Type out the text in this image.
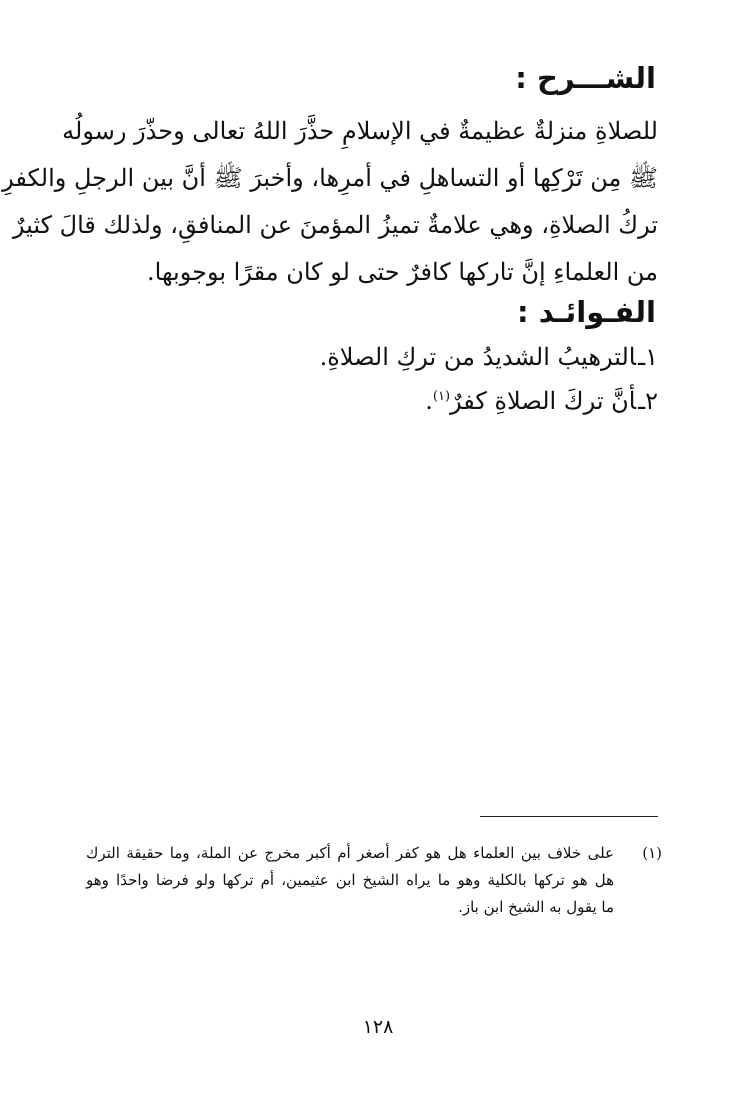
الشـــرح :
للصلاةِ منزلةٌ عظيمةٌ في الإسلامِ حذَّرَ اللهُ تعالى وحذّرَ رسولُه
ﷺ مِن تَرْكِها أو التساهلِ في أمرِها، وأخبرَ ﷺ أنَّ بين الرجلِ والكفرِ
تركُ الصلاةِ، وهي علامةٌ تميزُ المؤمنَ عن المنافقِ، ولذلك قالَ كثيرٌ
من العلماءِ إنَّ تاركها كافرٌ حتى لو كان مقرًا بوجوبها.
الفـوائـد :
١ـالترهيبُ الشديدُ من تركِ الصلاةِ.
٢ـأنَّ تركَ الصلاةِ كفرٌ$^{(١)}$.
(١)
على خلاف بين العلماء هل هو كفر أصغر أم أكبر مخرج عن الملة، وما حقيقة الترك
هل هو تركها بالكلية وهو ما يراه الشيخ ابن عثيمين، أم تركها ولو فرضا واحدًا وهو
ما يقول به الشيخ ابن باز.
١٢٨
